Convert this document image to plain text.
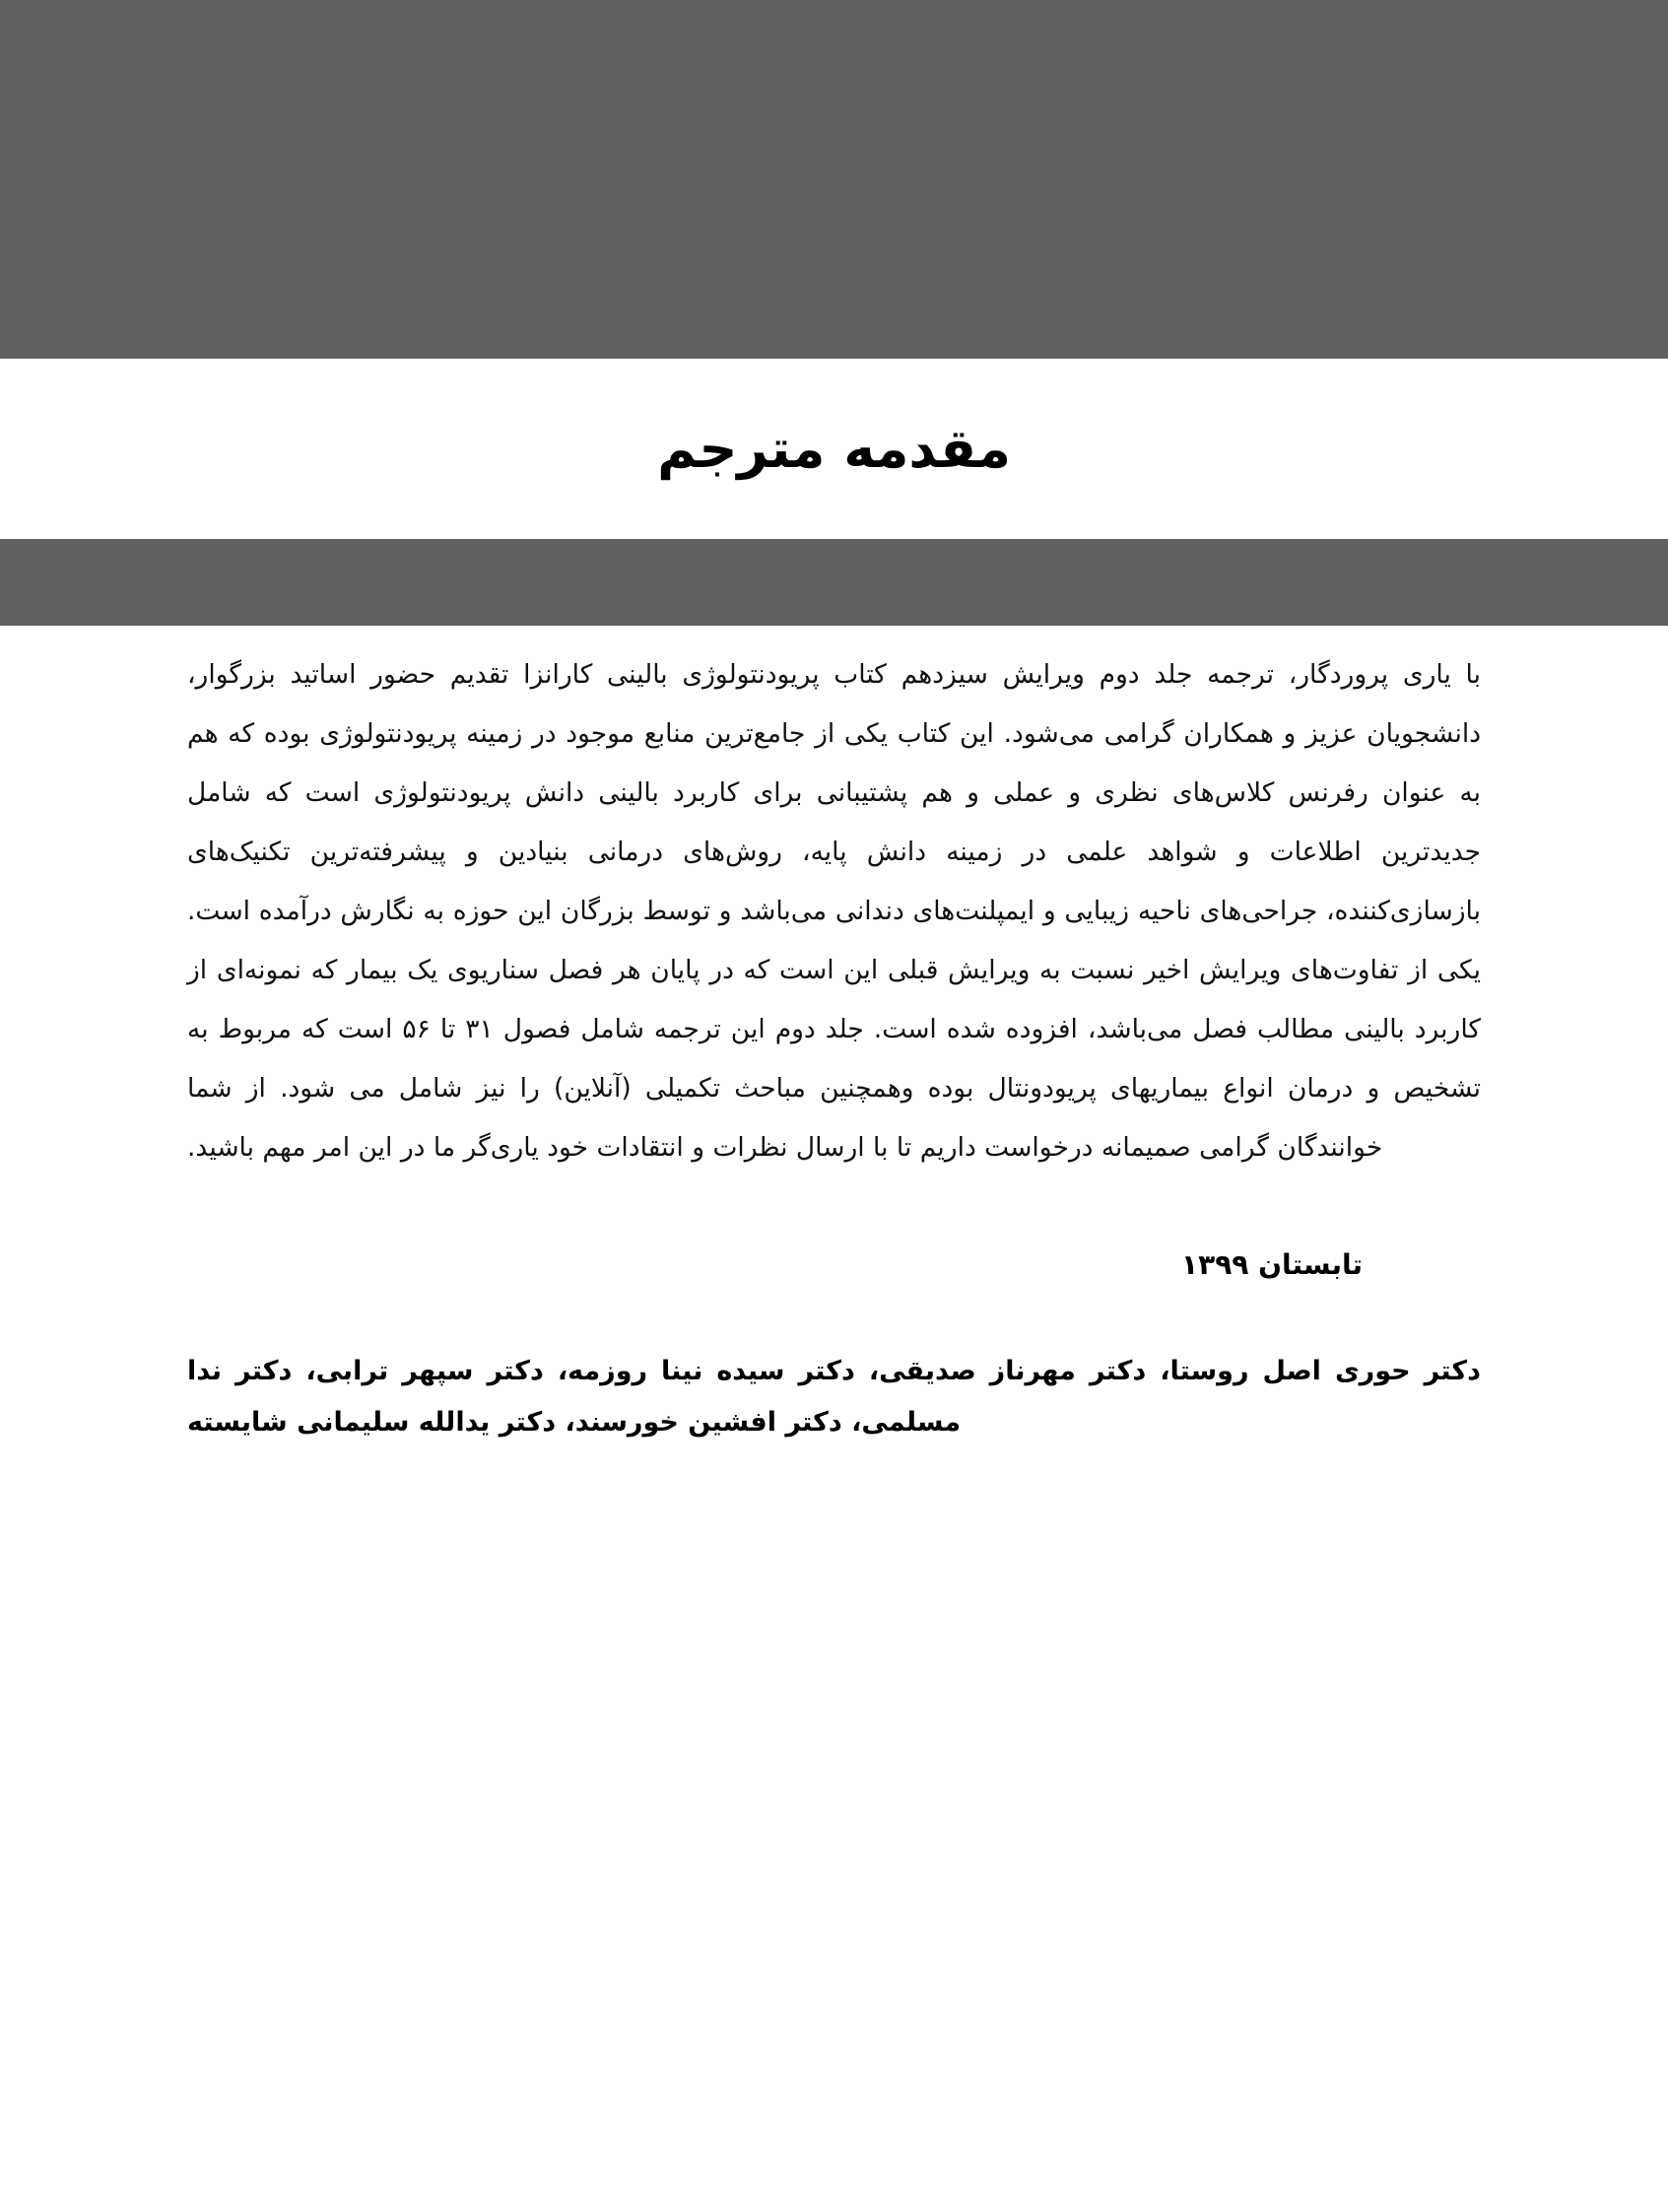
مقدمه مترجم

با یاری پروردگار، ترجمه جلد دوم ویرایش سیزدهم کتاب پریودنتولوژی بالینی کارانزا تقدیم حضور اساتید بزرگوار، دانشجویان عزیز و همکاران گرامی می‌شود. این کتاب یکی از جامع‌ترین منابع موجود در زمینه پریودنتولوژی بوده که هم به عنوان رفرنس کلاس‌های نظری و عملی و هم پشتیبانی برای کاربرد بالینی دانش پریودنتولوژی است که شامل جدیدترین اطلاعات و شواهد علمی در زمینه دانش پایه، روش‌های درمانی بنیادین و پیشرفته‌ترین تکنیک‌های بازسازی‌کننده، جراحی‌های ناحیه زیبایی و ایمپلنت‌های دندانی می‌باشد و توسط بزرگان این حوزه به نگارش درآمده است. یکی از تفاوت‌های ویرایش اخیر نسبت به ویرایش قبلی این است که در پایان هر فصل سناریوی یک بیمار که نمونه‌ای از کاربرد بالینی مطالب فصل می‌باشد، افزوده شده است. جلد دوم این ترجمه شامل فصول ۳۱ تا ۵۶ است که مربوط به تشخیص و درمان انواع بیماریهای پریودونتال بوده وهمچنین مباحث تکمیلی (آنلاین) را نیز شامل می شود. از شما خوانندگان گرامی صمیمانه درخواست داریم تا با ارسال نظرات و انتقادات خود یاری‌گر ما در این امر مهم باشید.

تابستان ۱۳۹۹

دکتر حوری اصل روستا، دکتر مهرناز صدیقی، دکتر سیده نینا روزمه، دکتر سپهر ترابی، دکتر ندا مسلمی، دکتر افشین خورسند، دکتر یدالله سلیمانی شایسته
